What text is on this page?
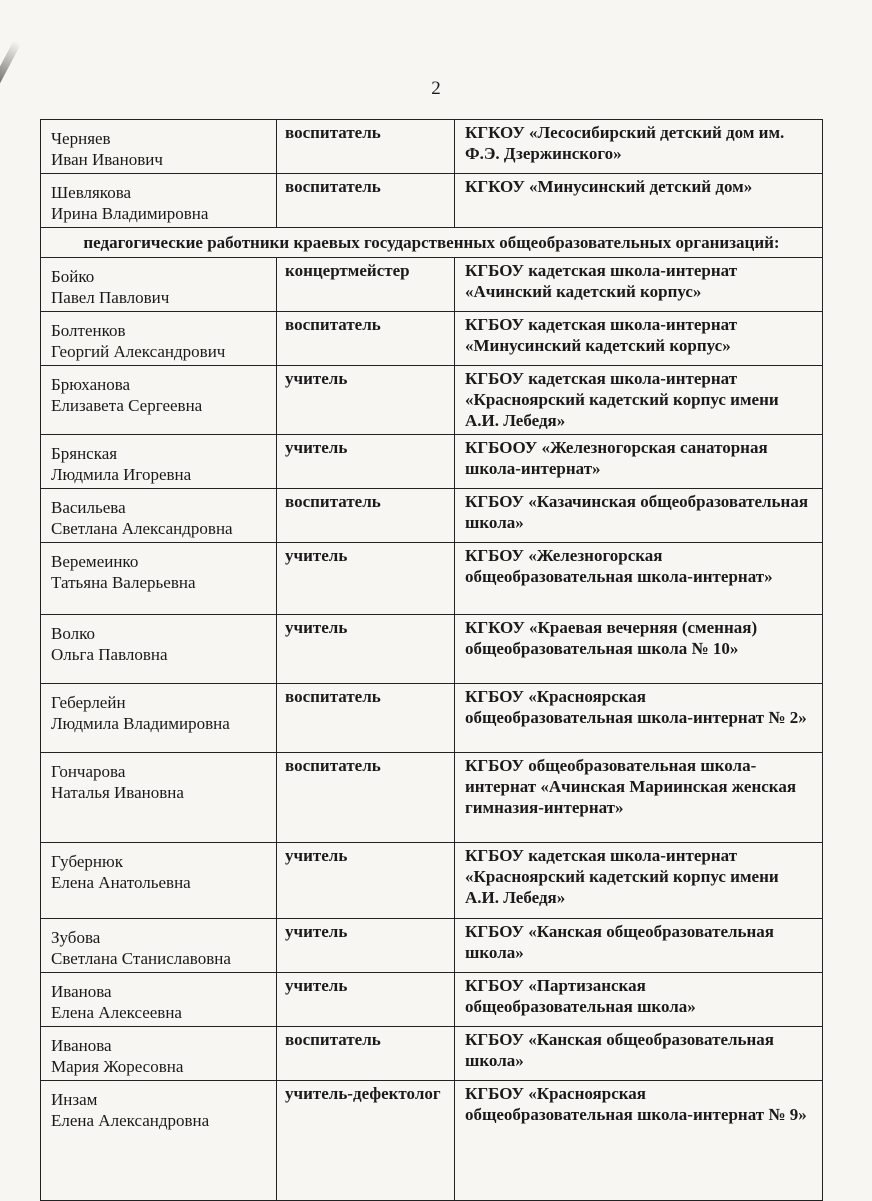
2
Черняев
Иван Иванович	воспитатель	КГКОУ «Лесосибирский детский дом им. Ф.Э. Дзержинского»

Шевлякова
Ирина Владимировна	воспитатель	КГКОУ «Минусинский детский дом»
педагогические работники краевых государственных общеобразовательных организаций:		

Бойко
Павел Павлович	концертмейстер	КГБОУ кадетская школа-интернат «Ачинский кадетский корпус»

Болтенков
Георгий Александрович	воспитатель	КГБОУ кадетская школа-интернат «Минусинский кадетский корпус»

Брюханова
Елизавета Сергеевна	учитель	КГБОУ кадетская школа-интернат «Красноярский кадетский корпус имени А.И. Лебедя»

Брянская
Людмила Игоревна	учитель	КГБООУ «Железногорская санаторная школа-интернат»

Васильева
Светлана Александровна	воспитатель	КГБОУ «Казачинская общеобразовательная школа»

Веремеинко
Татьяна Валерьевна	учитель	КГБОУ «Железногорская общеобразовательная школа-интернат»

Волко
Ольга Павловна	учитель	КГКОУ «Краевая вечерняя (сменная) общеобразовательная школа № 10»

Геберлейн
Людмила Владимировна	воспитатель	КГБОУ «Красноярская общеобразовательная школа-интернат № 2»

Гончарова
Наталья Ивановна	воспитатель	КГБОУ общеобразовательная школа-интернат «Ачинская Мариинская женская гимназия-интернат»

Губернюк
Елена Анатольевна	учитель	КГБОУ кадетская школа-интернат «Красноярский кадетский корпус имени А.И. Лебедя»

Зубова
Светлана Станиславовна	учитель	КГБОУ «Канская общеобразовательная школа»

Иванова
Елена Алексеевна	учитель	КГБОУ «Партизанская общеобразовательная школа»

Иванова
Мария Жоресовна	воспитатель	КГБОУ «Канская общеобразовательная школа»

Инзам
Елена Александровна	учитель-дефектолог	КГБОУ «Красноярская общеобразовательная школа-интернат № 9»
